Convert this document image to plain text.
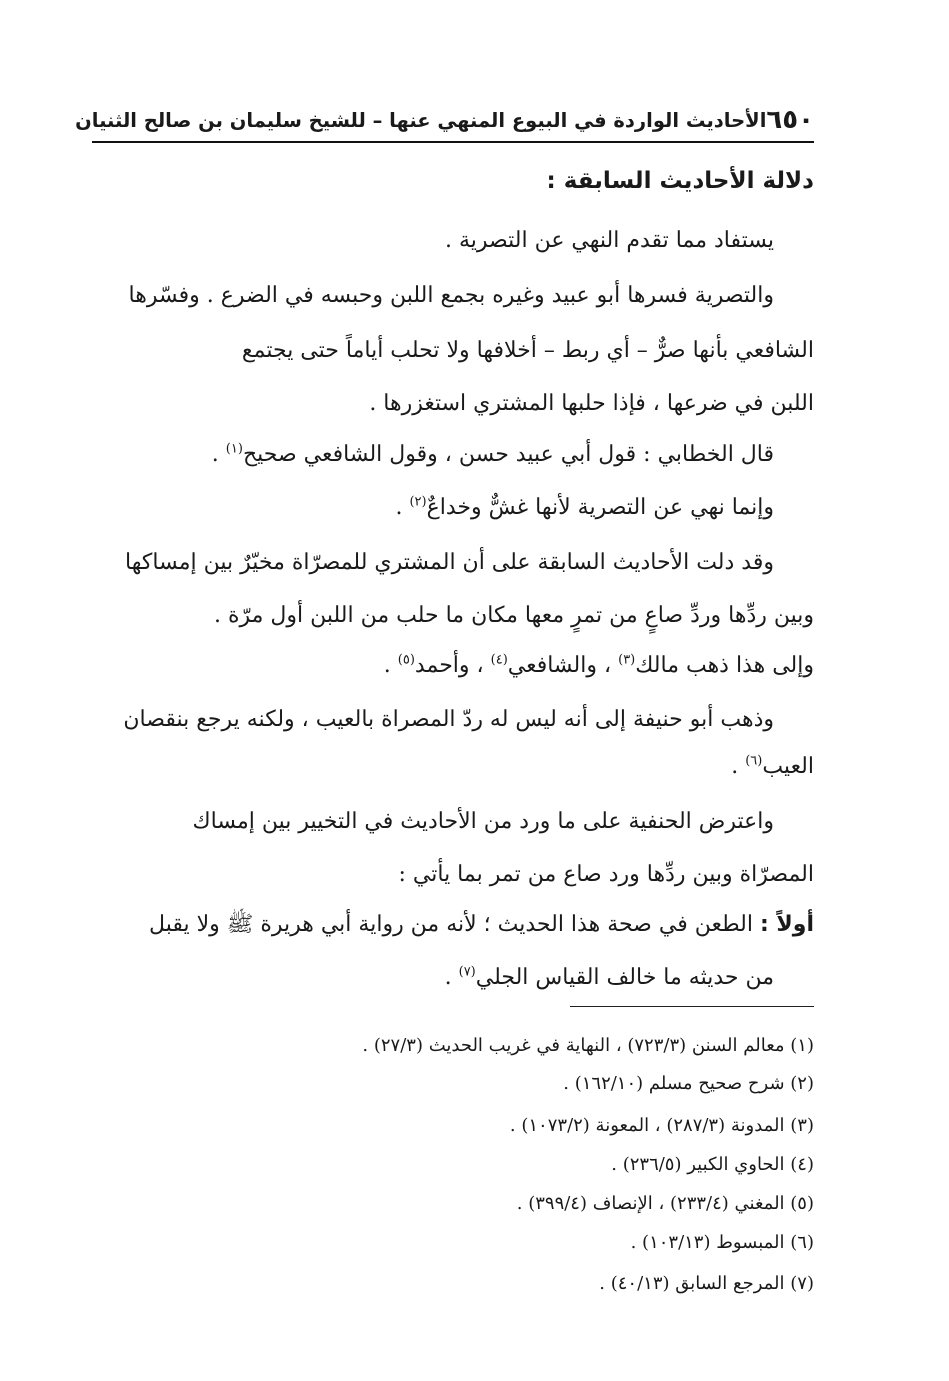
٦٥٠
الأحاديث الواردة في البيوع المنهي عنها – للشيخ سليمان بن صالح الثنيان
دلالة الأحاديث السابقة :
يستفاد مما تقدم النهي عن التصرية .
والتصرية فسرها أبو عبيد وغيره بجمع اللبن وحبسه في الضرع . وفسّرها
الشافعي بأنها صرٌّ – أي ربط – أخلافها ولا تحلب أياماً حتى يجتمع
اللبن في ضرعها ، فإذا حلبها المشتري استغزرها .
قال الخطابي : قول أبي عبيد حسن ، وقول الشافعي صحيح$^{(١)}$ .
وإنما نهي عن التصرية لأنها غشٌّ وخداعٌ$^{(٢)}$ .
وقد دلت الأحاديث السابقة على أن المشتري للمصرّاة مخيّرٌ بين إمساكها
وبين ردِّها وردِّ صاعٍ من تمرٍ معها مكان ما حلب من اللبن أول مرّة .
وإلى هذا ذهب مالك$^{(٣)}$ ، والشافعي$^{(٤)}$ ، وأحمد$^{(٥)}$ .
وذهب أبو حنيفة إلى أنه ليس له ردّ المصراة بالعيب ، ولكنه يرجع بنقصان
العيب$^{(٦)}$ .
واعترض الحنفية على ما ورد من الأحاديث في التخيير بين إمساك
المصرّاة وبين ردِّها ورد صاع من تمر بما يأتي :
أولاً : الطعن في صحة هذا الحديث ؛ لأنه من رواية أبي هريرة ﷺ ولا يقبل
من حديثه ما خالف القياس الجلي$^{(٧)}$ .
(١) معالم السنن (٧٢٣/٣) ، النهاية في غريب الحديث (٢٧/٣) .
(٢) شرح صحيح مسلم (١٦٢/١٠) .
(٣) المدونة (٢٨٧/٣) ، المعونة (١٠٧٣/٢) .
(٤) الحاوي الكبير (٢٣٦/٥) .
(٥) المغني (٢٣٣/٤) ، الإنصاف (٣٩٩/٤) .
(٦) المبسوط (١٠٣/١٣) .
(٧) المرجع السابق (٤٠/١٣) .
